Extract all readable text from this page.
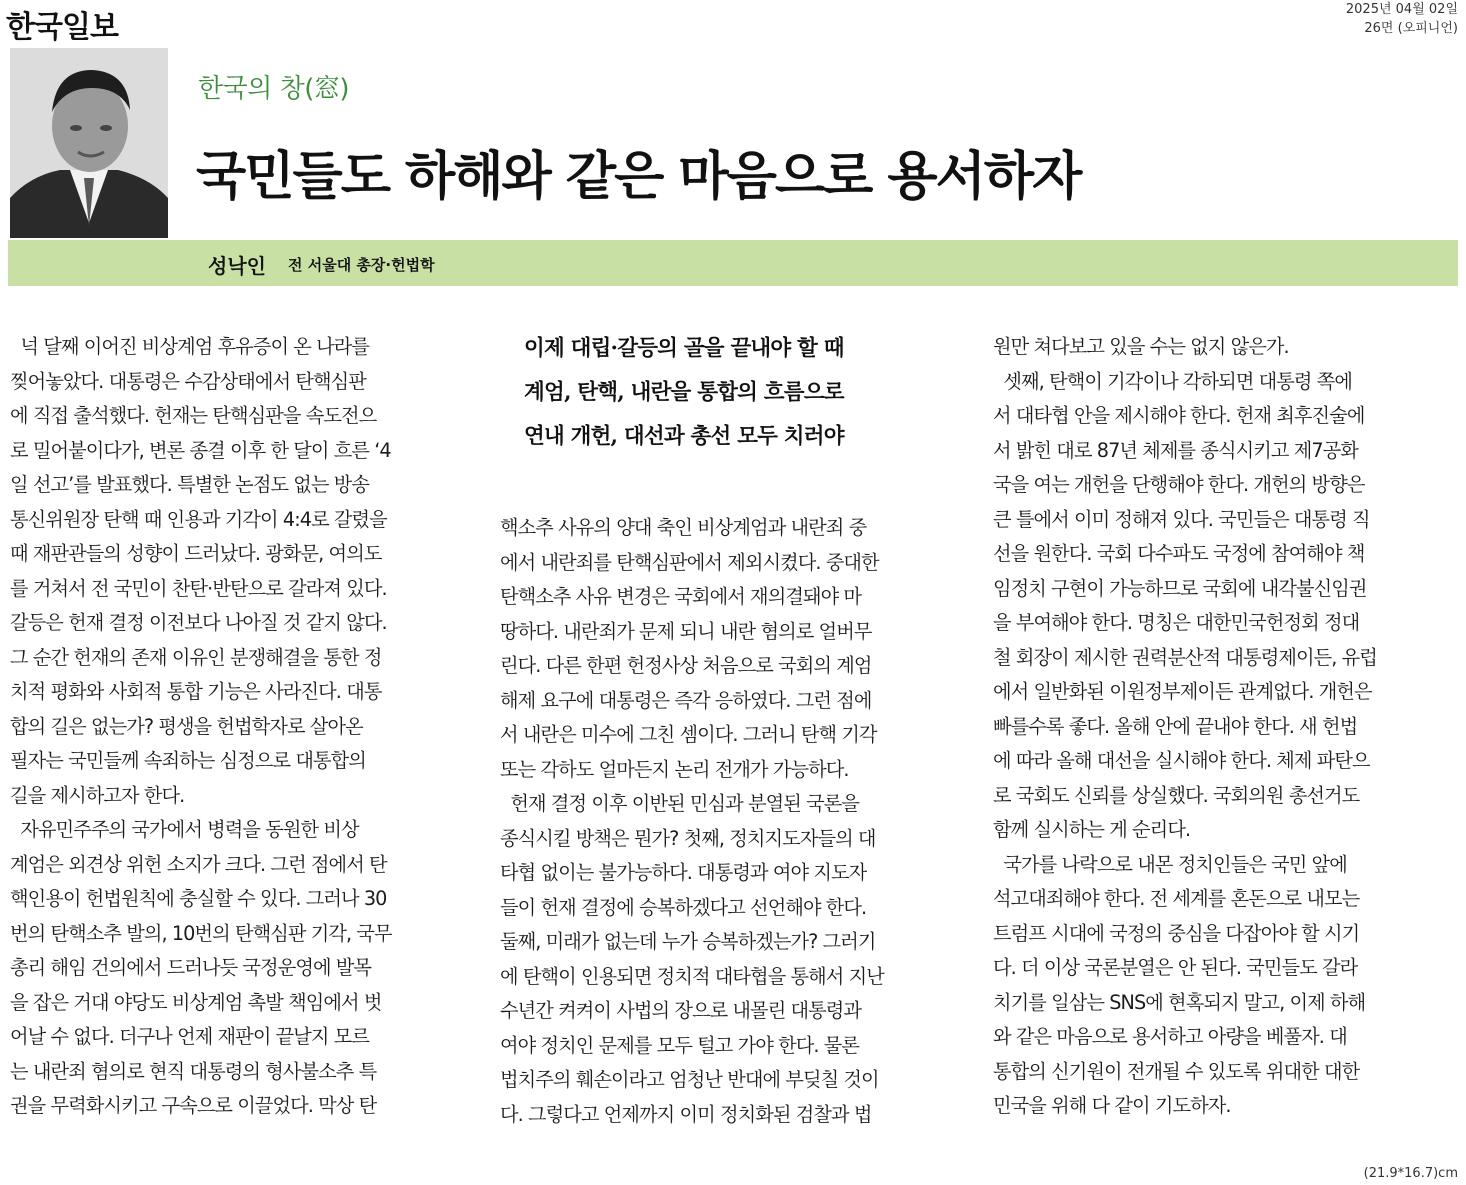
한국일보
2025년 04월 02일
26면 (오피니언)
한국의 창(窓)
국민들도 하해와 같은 마음으로 용서하자
성낙인 전 서울대 총장·헌법학
이제 대립·갈등의 골을 끝내야 할 때
계엄, 탄핵, 내란을 통합의 흐름으로
연내 개헌, 대선과 총선 모두 치러야

넉 달째 이어진 비상계엄 후유증이 온 나라를

찢어놓았다. 대통령은 수감상태에서 탄핵심판

에 직접 출석했다. 헌재는 탄핵심판을 속도전으

로 밀어붙이다가, 변론 종결 이후 한 달이 흐른 ‘4

일 선고’를 발표했다. 특별한 논점도 없는 방송

통신위원장 탄핵 때 인용과 기각이 4:4로 갈렸을

때 재판관들의 성향이 드러났다. 광화문, 여의도

를 거쳐서 전 국민이 찬탄·반탄으로 갈라져 있다.

갈등은 헌재 결정 이전보다 나아질 것 같지 않다.

그 순간 헌재의 존재 이유인 분쟁해결을 통한 정

치적 평화와 사회적 통합 기능은 사라진다. 대통

합의 길은 없는가? 평생을 헌법학자로 살아온

필자는 국민들께 속죄하는 심정으로 대통합의

길을 제시하고자 한다.

자유민주주의 국가에서 병력을 동원한 비상

계엄은 외견상 위헌 소지가 크다. 그런 점에서 탄

핵인용이 헌법원칙에 충실할 수 있다. 그러나 30

번의 탄핵소추 발의, 10번의 탄핵심판 기각, 국무

총리 해임 건의에서 드러나듯 국정운영에 발목

을 잡은 거대 야당도 비상계엄 촉발 책임에서 벗

어날 수 없다. 더구나 언제 재판이 끝날지 모르

는 내란죄 혐의로 현직 대통령의 형사불소추 특

권을 무력화시키고 구속으로 이끌었다. 막상 탄

핵소추 사유의 양대 축인 비상계엄과 내란죄 중

에서 내란죄를 탄핵심판에서 제외시켰다. 중대한

탄핵소추 사유 변경은 국회에서 재의결돼야 마

땅하다. 내란죄가 문제 되니 내란 혐의로 얼버무

린다. 다른 한편 헌정사상 처음으로 국회의 계엄

해제 요구에 대통령은 즉각 응하였다. 그런 점에

서 내란은 미수에 그친 셈이다. 그러니 탄핵 기각

또는 각하도 얼마든지 논리 전개가 가능하다.

헌재 결정 이후 이반된 민심과 분열된 국론을

종식시킬 방책은 뭔가? 첫째, 정치지도자들의 대

타협 없이는 불가능하다. 대통령과 여야 지도자

들이 헌재 결정에 승복하겠다고 선언해야 한다.

둘째, 미래가 없는데 누가 승복하겠는가? 그러기

에 탄핵이 인용되면 정치적 대타협을 통해서 지난

수년간 켜켜이 사법의 장으로 내몰린 대통령과

여야 정치인 문제를 모두 털고 가야 한다. 물론

법치주의 훼손이라고 엄청난 반대에 부딪칠 것이

다. 그렇다고 언제까지 이미 정치화된 검찰과 법

원만 쳐다보고 있을 수는 없지 않은가.

셋째, 탄핵이 기각이나 각하되면 대통령 쪽에

서 대타협 안을 제시해야 한다. 헌재 최후진술에

서 밝힌 대로 87년 체제를 종식시키고 제7공화

국을 여는 개헌을 단행해야 한다. 개헌의 방향은

큰 틀에서 이미 정해져 있다. 국민들은 대통령 직

선을 원한다. 국회 다수파도 국정에 참여해야 책

임정치 구현이 가능하므로 국회에 내각불신임권

을 부여해야 한다. 명칭은 대한민국헌정회 정대

철 회장이 제시한 권력분산적 대통령제이든, 유럽

에서 일반화된 이원정부제이든 관계없다. 개헌은

빠를수록 좋다. 올해 안에 끝내야 한다. 새 헌법

에 따라 올해 대선을 실시해야 한다. 체제 파탄으

로 국회도 신뢰를 상실했다. 국회의원 총선거도

함께 실시하는 게 순리다.

국가를 나락으로 내몬 정치인들은 국민 앞에

석고대죄해야 한다. 전 세계를 혼돈으로 내모는

트럼프 시대에 국정의 중심을 다잡아야 할 시기

다. 더 이상 국론분열은 안 된다. 국민들도 갈라

치기를 일삼는 SNS에 현혹되지 말고, 이제 하해

와 같은 마음으로 용서하고 아량을 베풀자. 대

통합의 신기원이 전개될 수 있도록 위대한 대한

민국을 위해 다 같이 기도하자.

(21.9*16.7)cm
